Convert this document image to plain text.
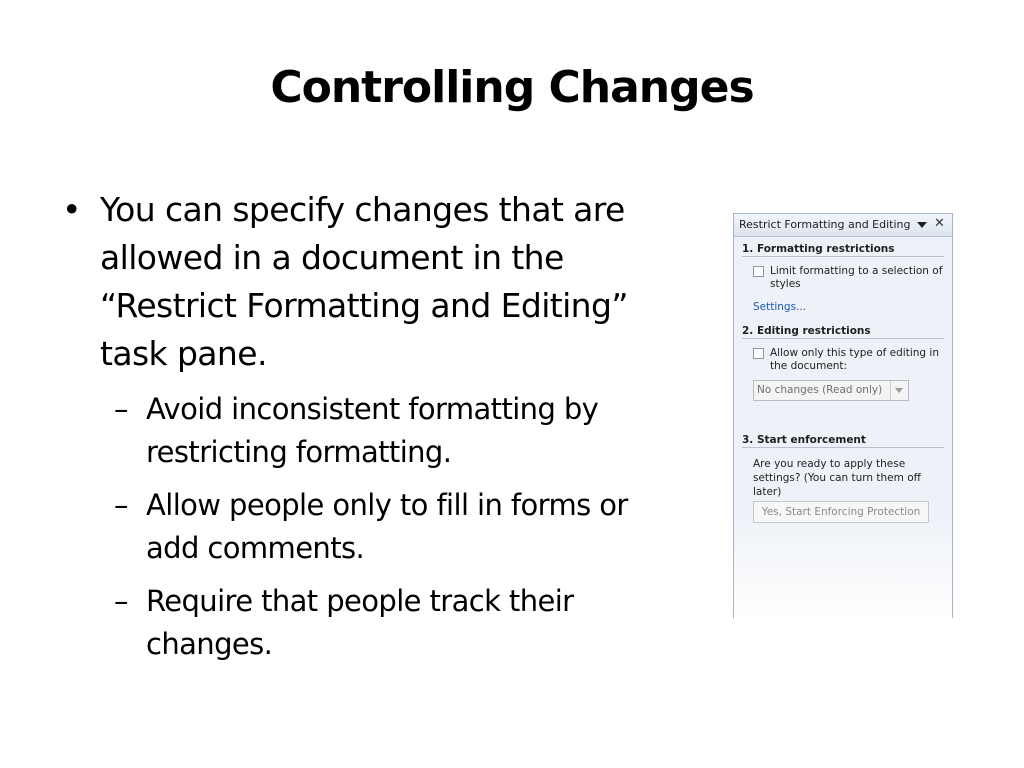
Controlling Changes
• You can specify changes that are allowed in a document in the “Restrict Formatting and Editing” task pane.
– Avoid inconsistent formatting by restricting formatting.
– Allow people only to fill in forms or add comments.
– Require that people track their changes.
Restrict Formatting and Editing	✕
1. Formatting restrictions
Limit formatting to a selection of styles
Settings...
2. Editing restrictions
Allow only this type of editing in the document:
No changes (Read only)
3. Start enforcement
Are you ready to apply these settings? (You can turn them off later)
Yes, Start Enforcing Protection
